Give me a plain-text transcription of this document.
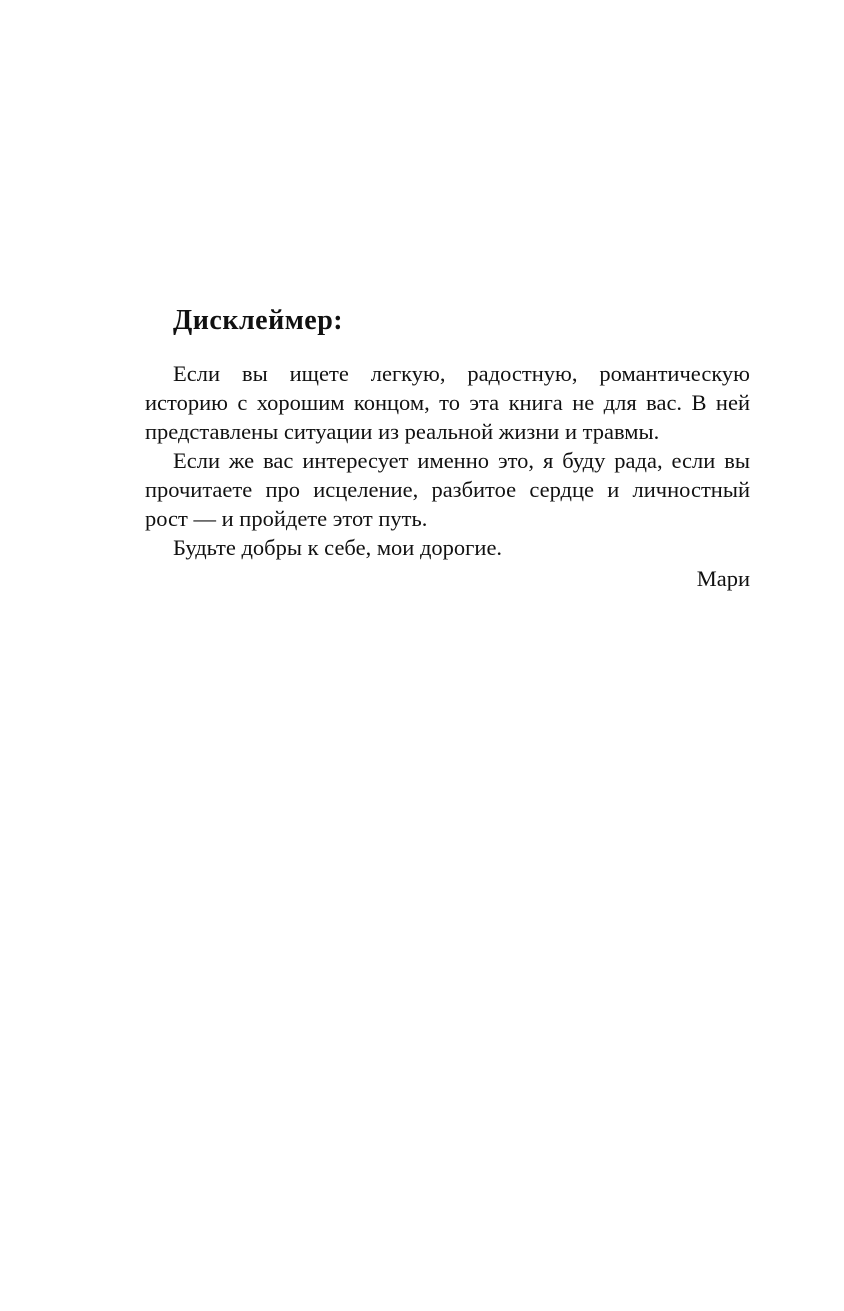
Дисклеймер:

Если вы ищете легкую, радостную, романтическую историю с хорошим концом, то эта книга не для вас. В ней представлены ситуации из реальной жизни и травмы.

Если же вас интересует именно это, я буду рада, если вы прочитаете про исцеление, разбитое сердце и личностный рост — и пройдете этот путь.

Будьте добры к себе, мои дорогие.

Мари
